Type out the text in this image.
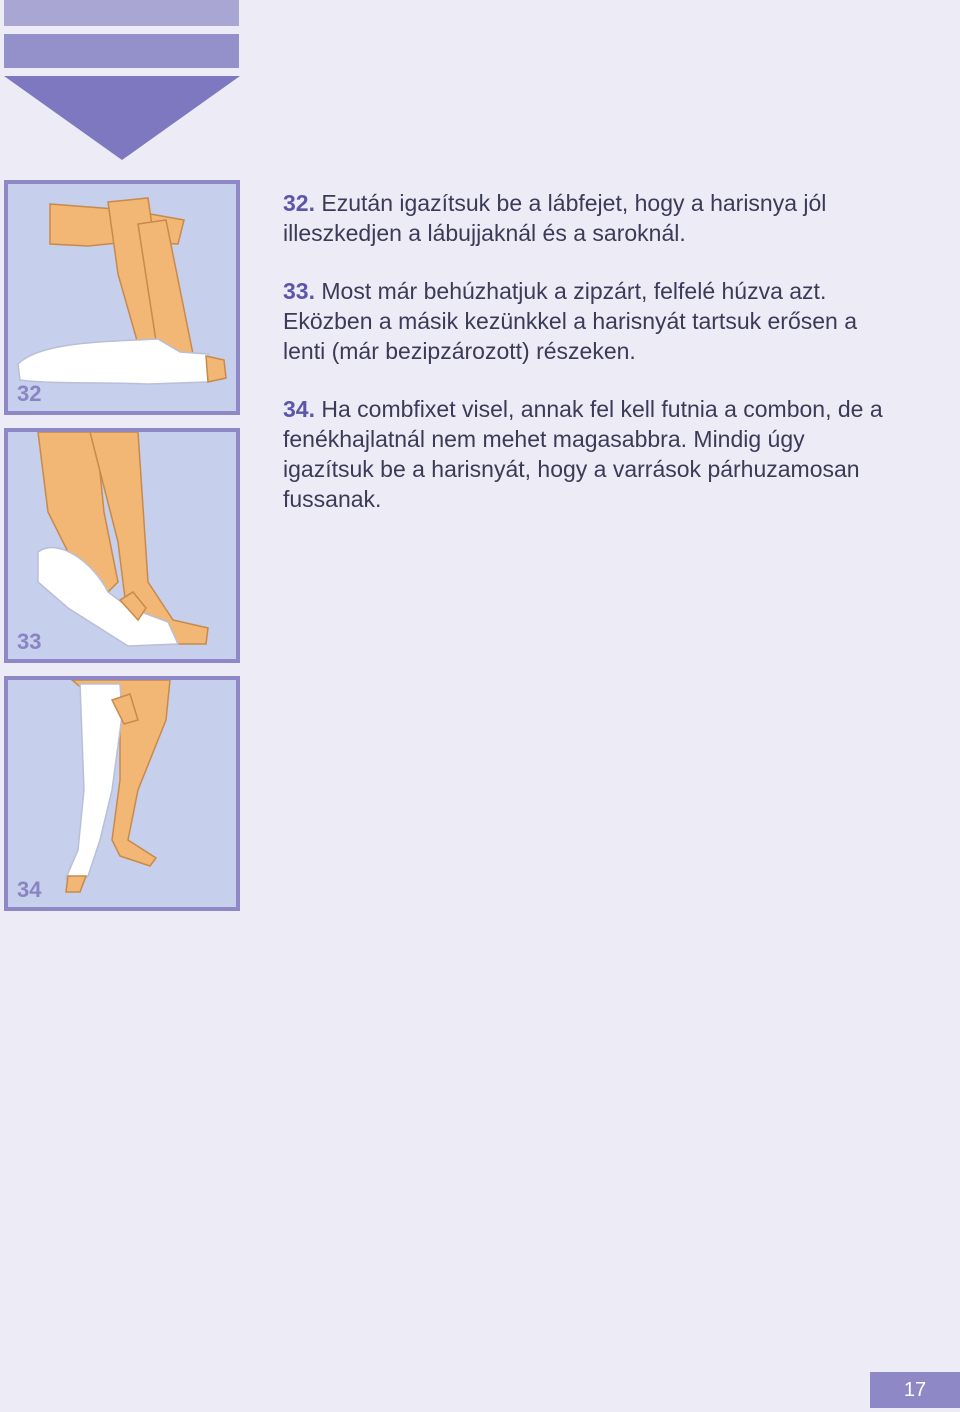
32
33
34

32. Ezután igazítsuk be a lábfejet, hogy a harisnya jól illeszkedjen a lábujjaknál és a saroknál.

33. Most már behúzhatjuk a zipzárt, felfelé húzva azt. Eközben a másik kezünkkel a harisnyát tartsuk erősen a lenti (már bezipzározott) részeken.

34. Ha combfixet visel, annak fel kell futnia a combon, de a fenékhajlatnál nem mehet magasabbra. Mindig úgy igazítsuk be a harisnyát, hogy a varrások párhuzamosan fussanak.

17
